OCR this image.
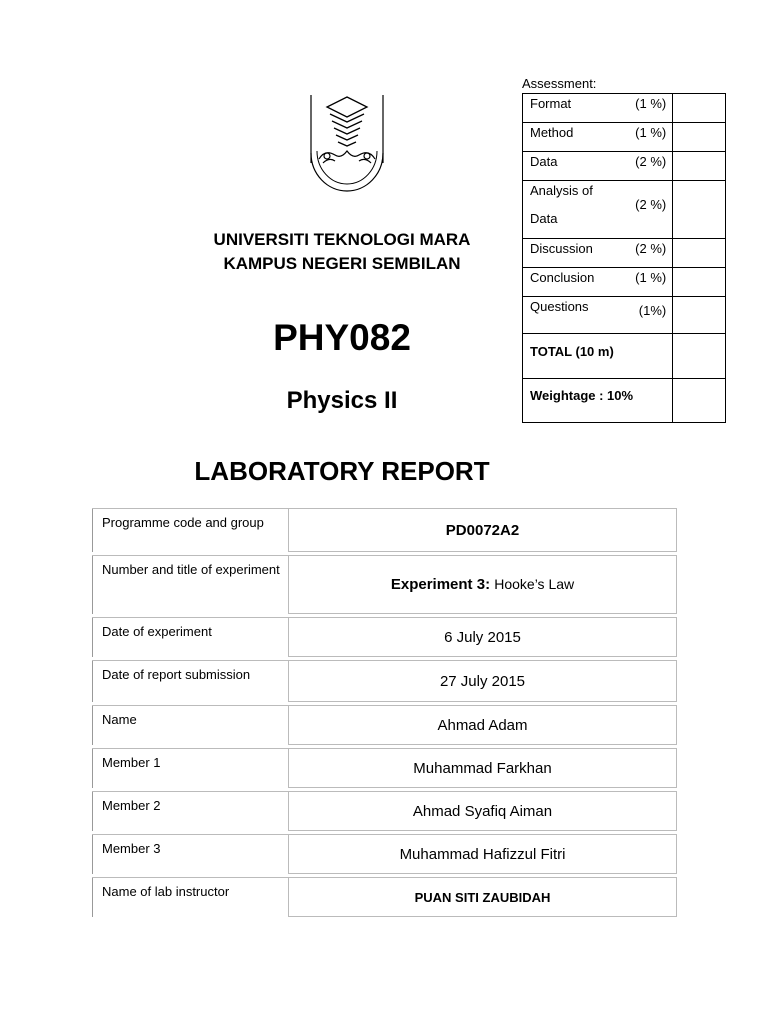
UNIVERSITI TEKNOLOGI MARA
KAMPUS NEGERI SEMBILAN
PHY082
Physics II
LABORATORY REPORT
Assessment:
Format (1 %)	

Method (1 %)	

Data (2 %)	

Analysis of
Data
(2 %)	

Discussion (2 %)	

Conclusion (1 %)	

Questions (1%)	

TOTAL (10 m)	

Weightage : 10%	

Programme code and group	PD0072A2

Number and title of experiment	Experiment 3: Hooke’s Law

Date of experiment	6 July 2015

Date of report submission	27 July 2015

Name	Ahmad Adam

Member 1	Muhammad Farkhan

Member 2	Ahmad Syafiq Aiman

Member 3	Muhammad Hafizzul Fitri

Name of lab instructor	PUAN SITI ZAUBIDAH
